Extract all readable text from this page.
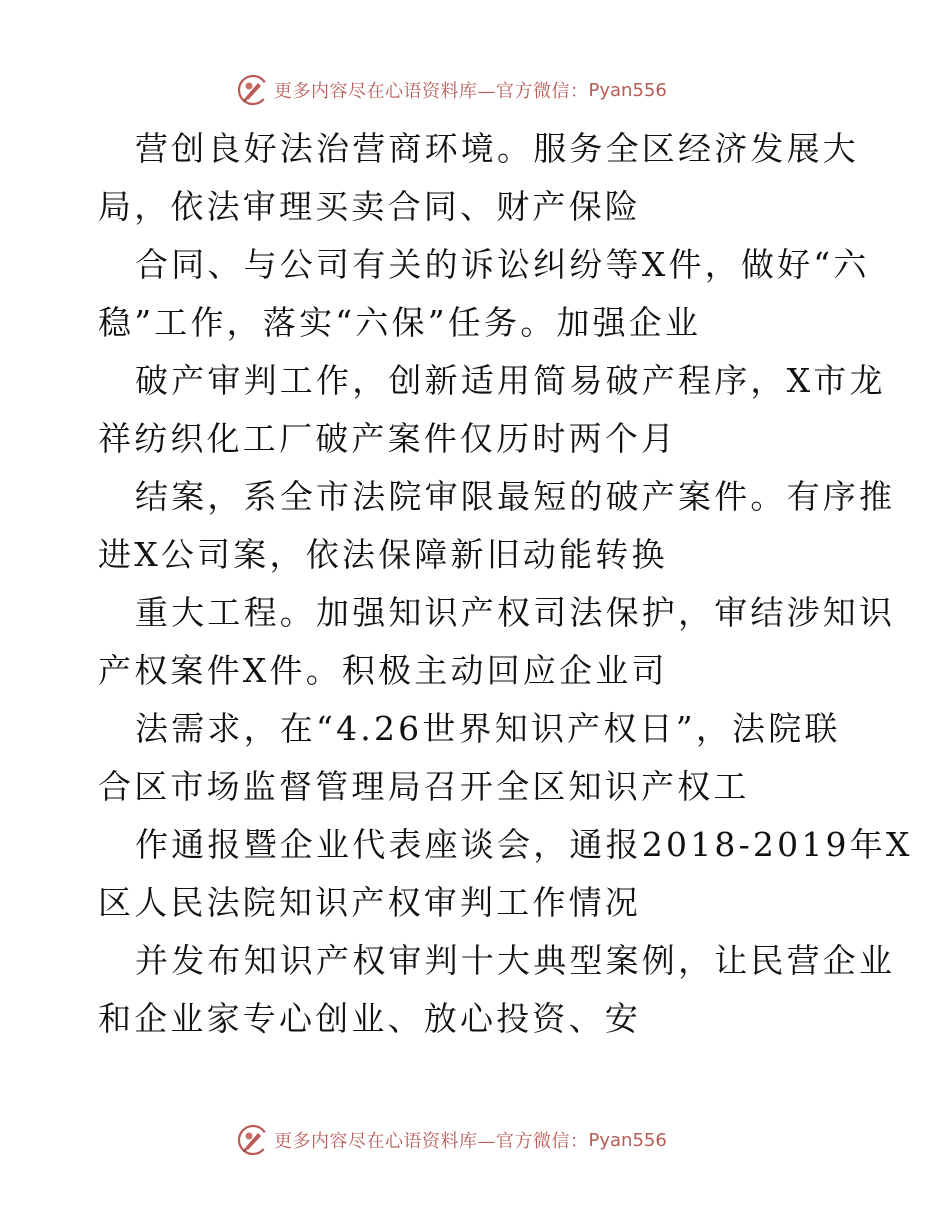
更多内容尽在心语资料库—官方微信： Pyan556

营创良好法治营商环境。服务全区经济发展大
局，依法审理买卖合同、财产保险

合同、与公司有关的诉讼纠纷等X件，做好“六
稳”工作，落实“六保”任务。加强企业

破产审判工作，创新适用简易破产程序，X市龙
祥纺织化工厂破产案件仅历时两个月

结案，系全市法院审限最短的破产案件。有序推
进X公司案，依法保障新旧动能转换

重大工程。加强知识产权司法保护，审结涉知识
产权案件X件。积极主动回应企业司

法需求，在“4.26世界知识产权日”，法院联
合区市场监督管理局召开全区知识产权工

作通报暨企业代表座谈会，通报2018-2019年X
区人民法院知识产权审判工作情况

并发布知识产权审判十大典型案例，让民营企业
和企业家专心创业、放心投资、安

更多内容尽在心语资料库—官方微信： Pyan556
